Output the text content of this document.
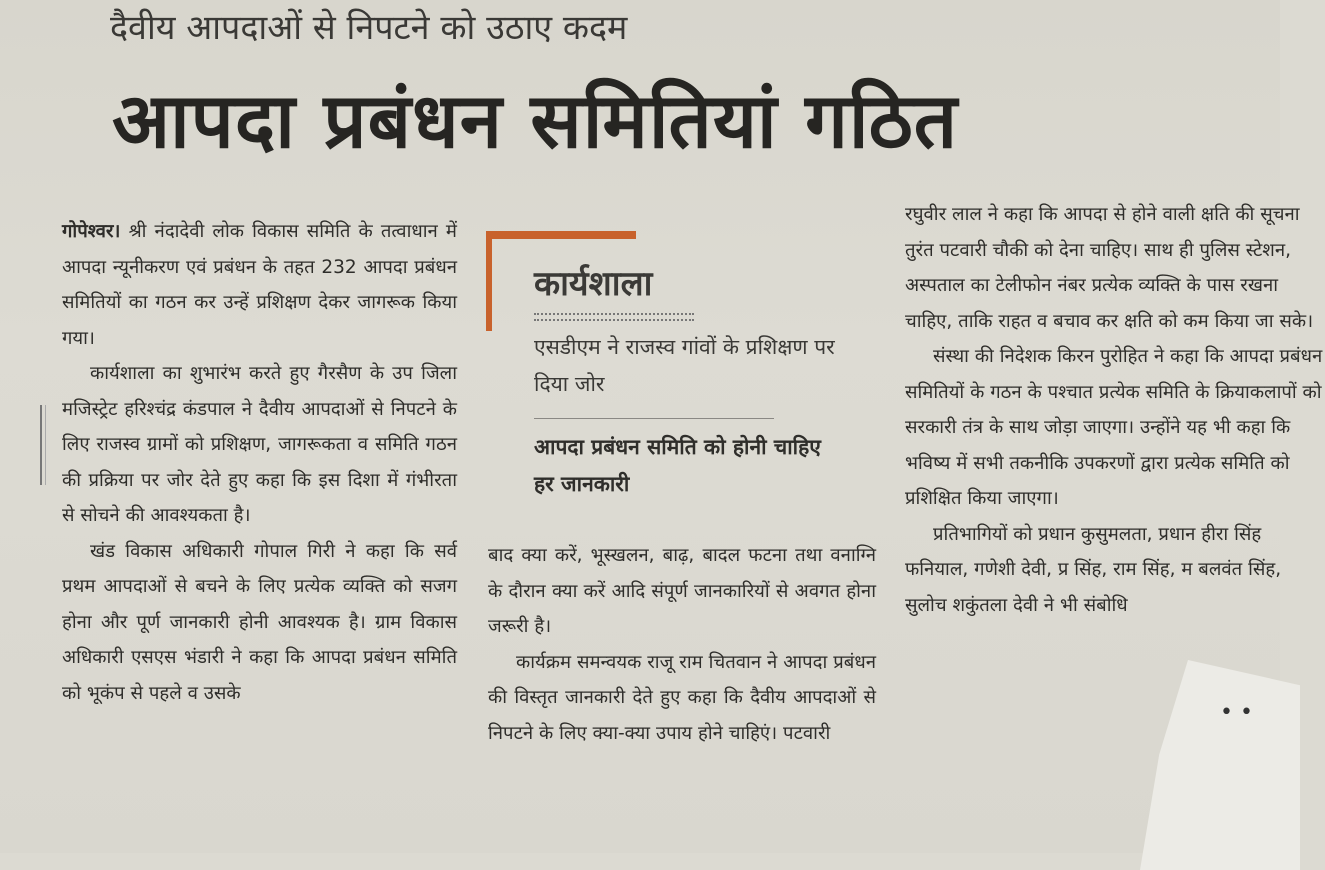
दैवीय आपदाओं से निपटने को उठाए कदम
आपदा प्रबंधन समितियां गठित

गोपेश्वर। श्री नंदादेवी लोक विकास समिति के तत्वाधान में आपदा न्यूनीकरण एवं प्रबंधन के तहत 232 आपदा प्रबंधन समितियों का गठन कर उन्हें प्रशिक्षण देकर जागरूक किया गया।

कार्यशाला का शुभारंभ करते हुए गैरसैण के उप जिला मजिस्ट्रेट हरिश्चंद्र कंडपाल ने दैवीय आपदाओं से निपटने के लिए राजस्व ग्रामों को प्रशिक्षण, जागरूकता व समिति गठन की प्रक्रिया पर जोर देते हुए कहा कि इस दिशा में गंभीरता से सोचने की आवश्यकता है।

खंड विकास अधिकारी गोपाल गिरी ने कहा कि सर्व प्रथम आपदाओं से बचने के लिए प्रत्येक व्यक्ति को सजग होना और पूर्ण जानकारी होनी आवश्यक है। ग्राम विकास अधिकारी एसएस भंडारी ने कहा कि आपदा प्रबंधन समिति को भूकंप से पहले व उसके

कार्यशाला
एसडीएम ने राजस्व गांवों के प्रशिक्षण पर दिया जोर
आपदा प्रबंधन समिति को होनी चाहिए हर जानकारी

बाद क्या करें, भूस्खलन, बाढ़, बादल फटना तथा वनाग्नि के दौरान क्या करें आदि संपूर्ण जानकारियों से अवगत होना जरूरी है।

कार्यक्रम समन्वयक राजू राम चितवान ने आपदा प्रबंधन की विस्तृत जानकारी देते हुए कहा कि दैवीय आपदाओं से निपटने के लिए क्या-क्या उपाय होने चाहिएं। पटवारी

रघुवीर लाल ने कहा कि आपदा से होने वाली क्षति की सूचना तुरंत पटवारी चौकी को देना चाहिए। साथ ही पुलिस स्टेशन, अस्पताल का टेलीफोन नंबर प्रत्येक व्यक्ति के पास रखना चाहिए, ताकि राहत व बचाव कर क्षति को कम किया जा सके।

संस्था की निदेशक किरन पुरोहित ने कहा कि आपदा प्रबंधन समितियों के गठन के पश्चात प्रत्येक समिति के क्रियाकलापों को सरकारी तंत्र के साथ जोड़ा जाएगा। उन्होंने यह भी कहा कि भविष्य में सभी तकनीकि उपकरणों द्वारा प्रत्येक समिति को प्रशिक्षित किया जाएगा।

प्रतिभागियों को प्रधान कुसुमलता, प्रधान हीरा सिंह फनियाल, गणेशी देवी, प्र सिंह, राम सिंह, म बलवंत सिंह, सुलोच शकुंतला देवी ने भी संबोधि

• •
